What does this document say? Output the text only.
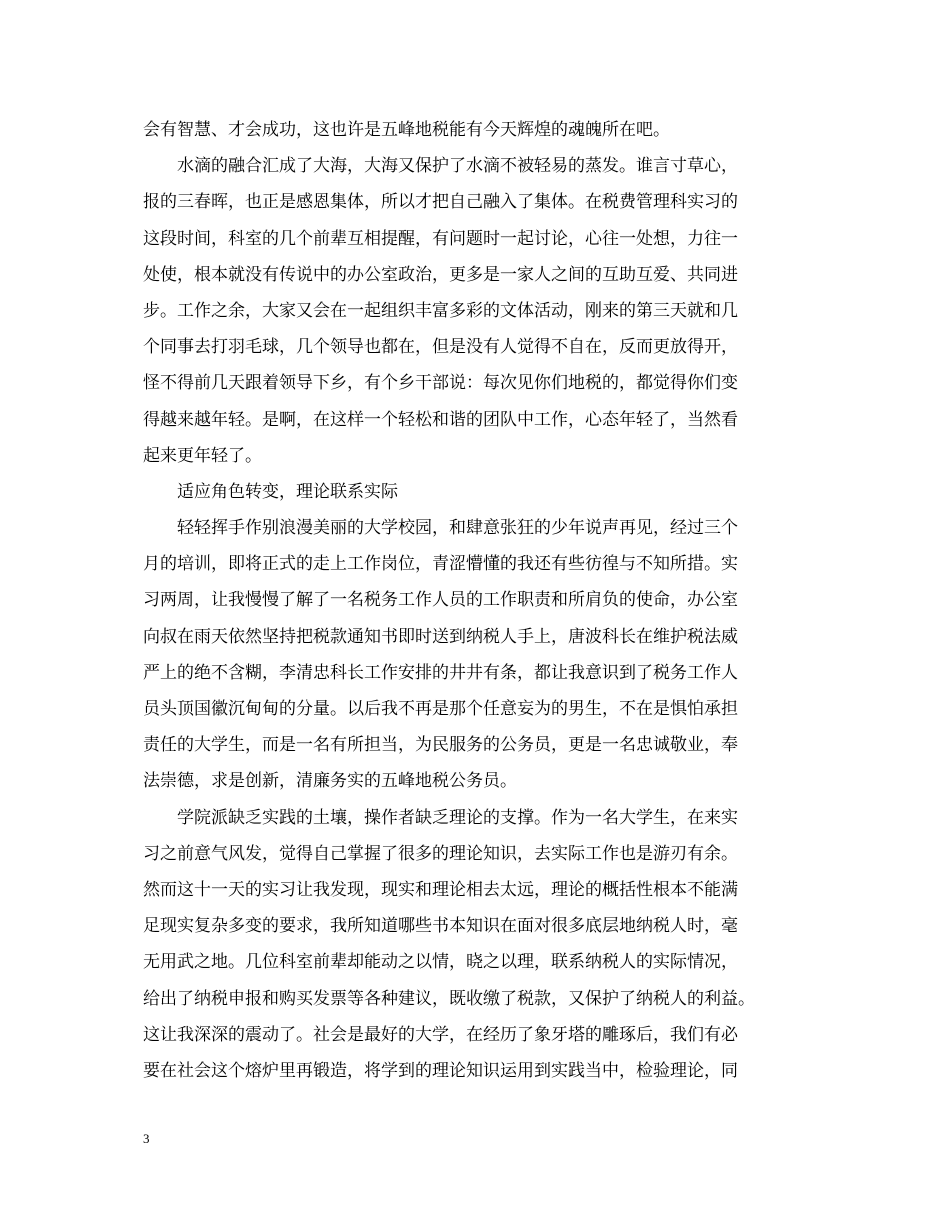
会有智慧、才会成功，这也许是五峰地税能有今天辉煌的魂魄所在吧。
水滴的融合汇成了大海，大海又保护了水滴不被轻易的蒸发。谁言寸草心，
报的三春晖，也正是感恩集体，所以才把自己融入了集体。在税费管理科实习的
这段时间，科室的几个前辈互相提醒，有问题时一起讨论，心往一处想，力往一
处使，根本就没有传说中的办公室政治，更多是一家人之间的互助互爱、共同进
步。工作之余，大家又会在一起组织丰富多彩的文体活动，刚来的第三天就和几
个同事去打羽毛球，几个领导也都在，但是没有人觉得不自在，反而更放得开，
怪不得前几天跟着领导下乡，有个乡干部说：每次见你们地税的，都觉得你们变
得越来越年轻。是啊，在这样一个轻松和谐的团队中工作，心态年轻了，当然看
起来更年轻了。
适应角色转变，理论联系实际
轻轻挥手作别浪漫美丽的大学校园，和肆意张狂的少年说声再见，经过三个
月的培训，即将正式的走上工作岗位，青涩懵懂的我还有些彷徨与不知所措。实
习两周，让我慢慢了解了一名税务工作人员的工作职责和所肩负的使命，办公室
向叔在雨天依然坚持把税款通知书即时送到纳税人手上，唐波科长在维护税法威
严上的绝不含糊，李清忠科长工作安排的井井有条，都让我意识到了税务工作人
员头顶国徽沉甸甸的分量。以后我不再是那个任意妄为的男生，不在是惧怕承担
责任的大学生，而是一名有所担当，为民服务的公务员，更是一名忠诚敬业，奉
法崇德，求是创新，清廉务实的五峰地税公务员。
学院派缺乏实践的土壤，操作者缺乏理论的支撑。作为一名大学生，在来实
习之前意气风发，觉得自己掌握了很多的理论知识，去实际工作也是游刃有余。
然而这十一天的实习让我发现，现实和理论相去太远，理论的概括性根本不能满
足现实复杂多变的要求，我所知道哪些书本知识在面对很多底层地纳税人时，毫
无用武之地。几位科室前辈却能动之以情，晓之以理，联系纳税人的实际情况，
给出了纳税申报和购买发票等各种建议，既收缴了税款，又保护了纳税人的利益。
这让我深深的震动了。社会是最好的大学，在经历了象牙塔的雕琢后，我们有必
要在社会这个熔炉里再锻造，将学到的理论知识运用到实践当中，检验理论，同
3
